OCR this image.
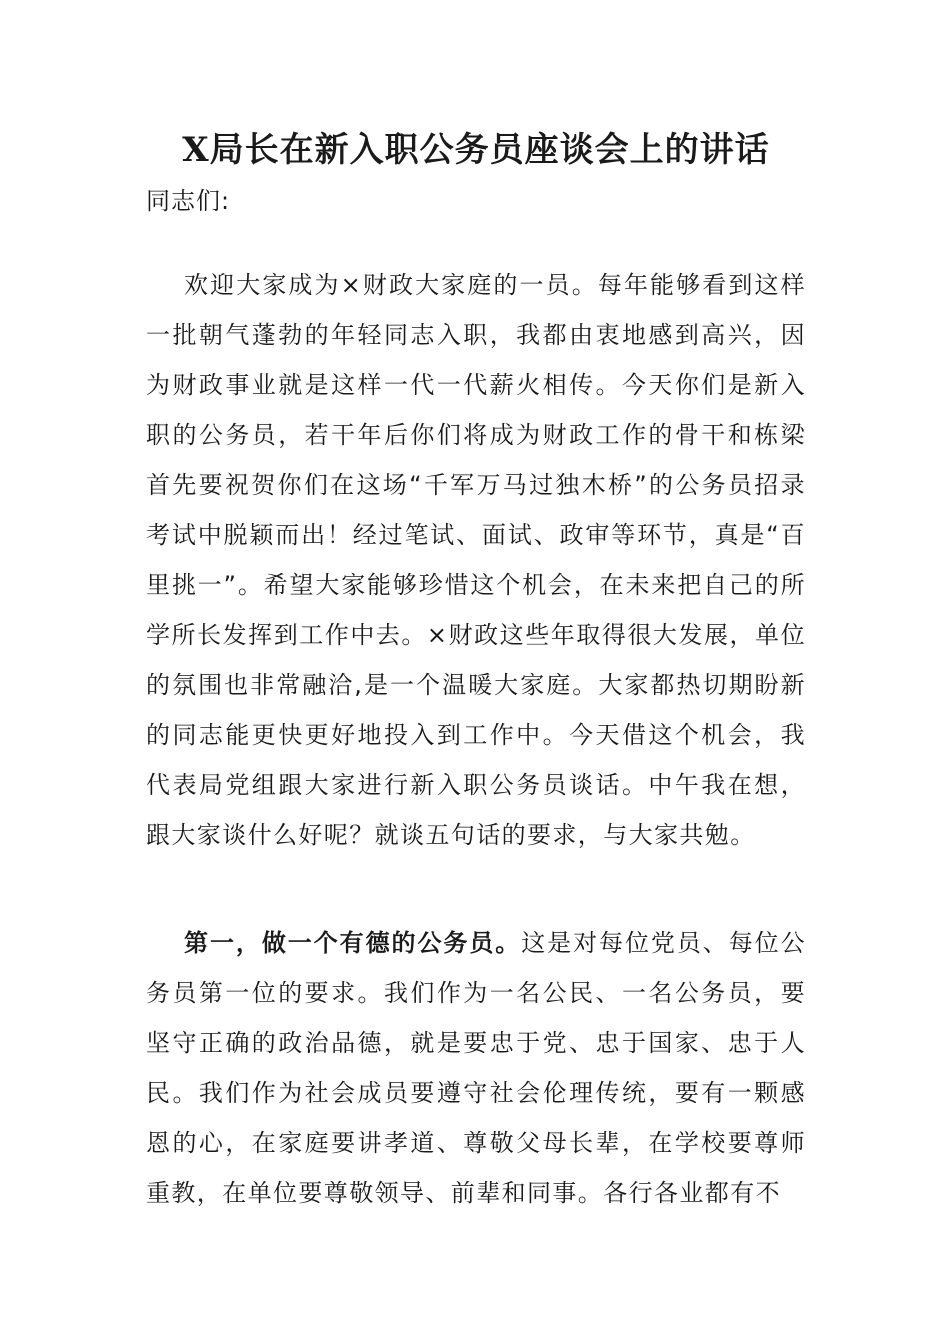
X局长在新入职公务员座谈会上的讲话

同志们:

欢迎大家成为×财政大家庭的一员。每年能够看到这样一批朝气蓬勃的年轻同志入职，我都由衷地感到高兴，因为财政事业就是这样一代一代薪火相传。今天你们是新入职的公务员，若干年后你们将成为财政工作的骨干和栋梁首先要祝贺你们在这场“千军万马过独木桥”的公务员招录考试中脱颖而出！经过笔试、面试、政审等环节，真是“百里挑一”。希望大家能够珍惜这个机会，在未来把自己的所学所长发挥到工作中去。×财政这些年取得很大发展，单位的氛围也非常融洽,是一个温暖大家庭。大家都热切期盼新的同志能更快更好地投入到工作中。今天借这个机会，我代表局党组跟大家进行新入职公务员谈话。中午我在想，跟大家谈什么好呢？就谈五句话的要求，与大家共勉。

第一，做一个有德的公务员。这是对每位党员、每位公务员第一位的要求。我们作为一名公民、一名公务员，要坚守正确的政治品德，就是要忠于党、忠于国家、忠于人民。我们作为社会成员要遵守社会伦理传统，要有一颗感恩的心，在家庭要讲孝道、尊敬父母长辈，在学校要尊师重教，在单位要尊敬领导、前辈和同事。各行各业都有不
